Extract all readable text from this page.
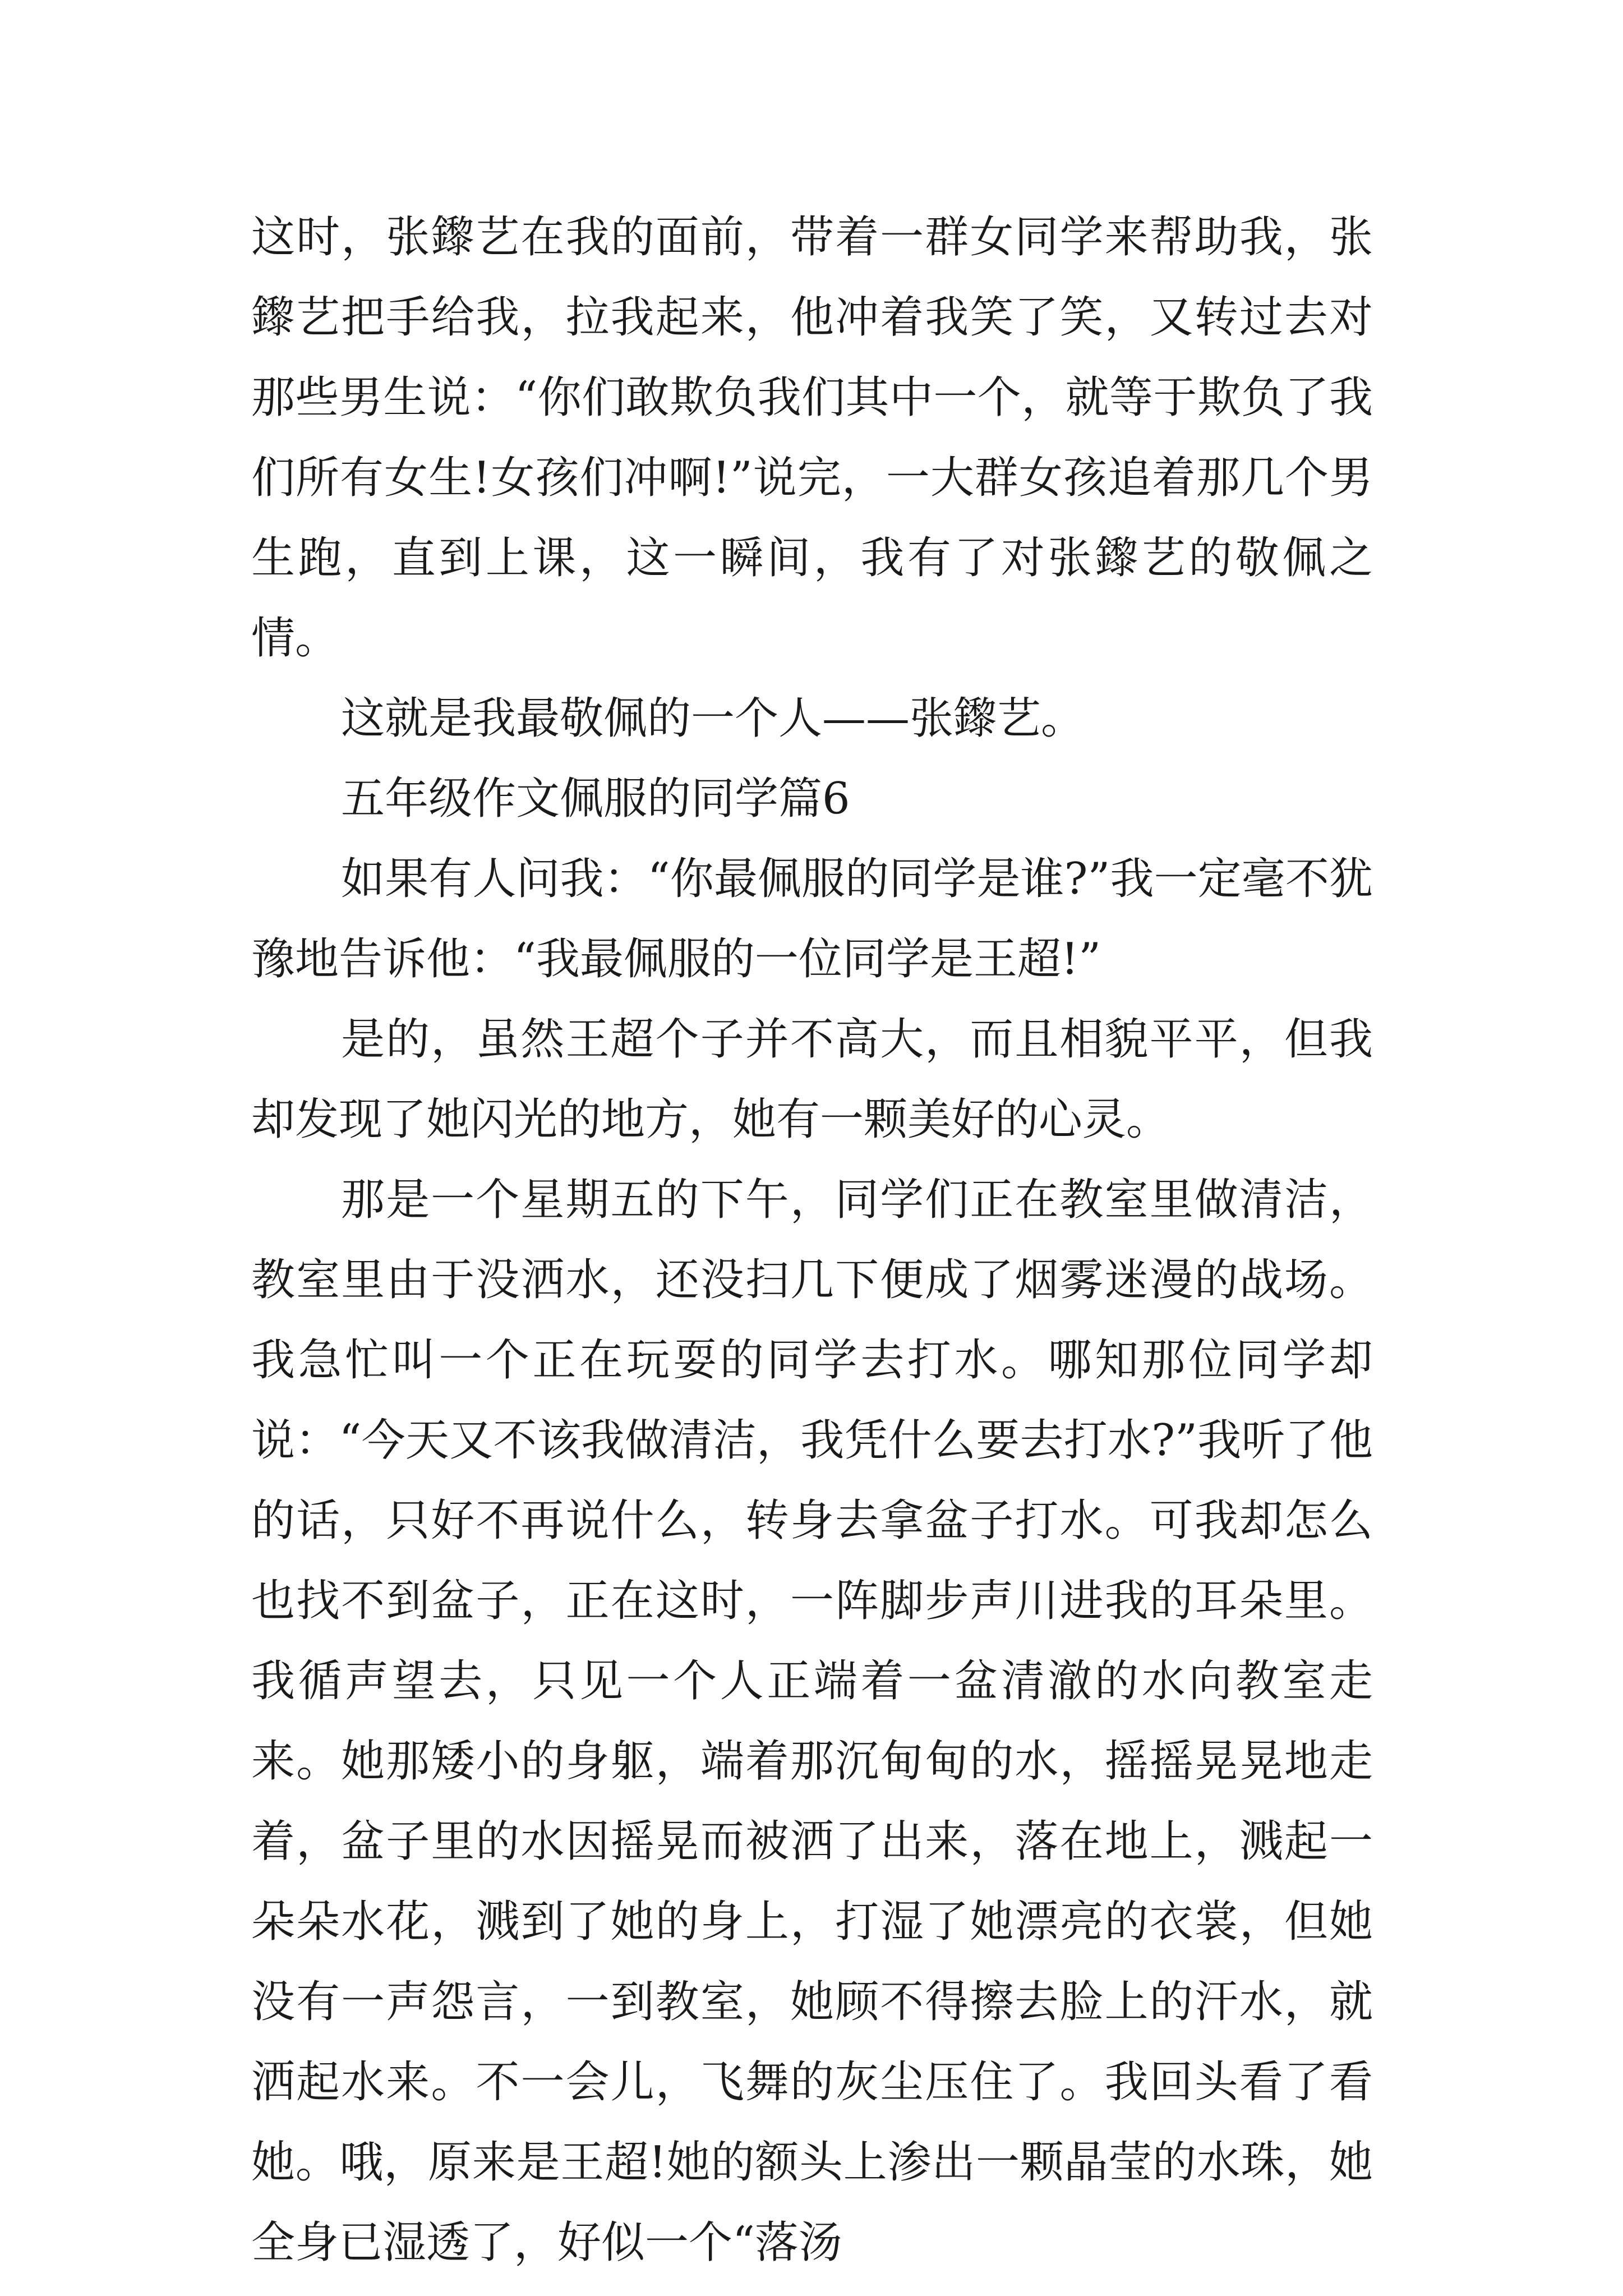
这时，张鑗艺在我的面前，带着一群女同学来帮助我，张鑗艺把手给我，拉我起来，他冲着我笑了笑，又转过去对那些男生说：“你们敢欺负我们其中一个，就等于欺负了我们所有女生!女孩们冲啊!”说完，一大群女孩追着那几个男生跑，直到上课，这一瞬间，我有了对张鑗艺的敬佩之情。

这就是我最敬佩的一个人——张鑗艺。

五年级作文佩服的同学篇6

如果有人问我：“你最佩服的同学是谁?”我一定毫不犹豫地告诉他：“我最佩服的一位同学是王超!”

是的，虽然王超个子并不高大，而且相貌平平，但我却发现了她闪光的地方，她有一颗美好的心灵。

那是一个星期五的下午，同学们正在教室里做清洁，教室里由于没洒水，还没扫几下便成了烟雾迷漫的战场。我急忙叫一个正在玩耍的同学去打水。哪知那位同学却说：“今天又不该我做清洁，我凭什么要去打水?”我听了他的话，只好不再说什么，转身去拿盆子打水。可我却怎么也找不到盆子，正在这时，一阵脚步声川进我的耳朵里。我循声望去，只见一个人正端着一盆清澈的水向教室走来。她那矮小的身躯，端着那沉甸甸的水，摇摇晃晃地走着，盆子里的水因摇晃而被洒了出来，落在地上，溅起一朵朵水花，溅到了她的身上，打湿了她漂亮的衣裳，但她没有一声怨言，一到教室，她顾不得擦去脸上的汗水，就洒起水来。不一会儿，飞舞的灰尘压住了。我回头看了看她。哦，原来是王超!她的额头上渗出一颗晶莹的水珠，她全身已湿透了，好似一个“落汤
